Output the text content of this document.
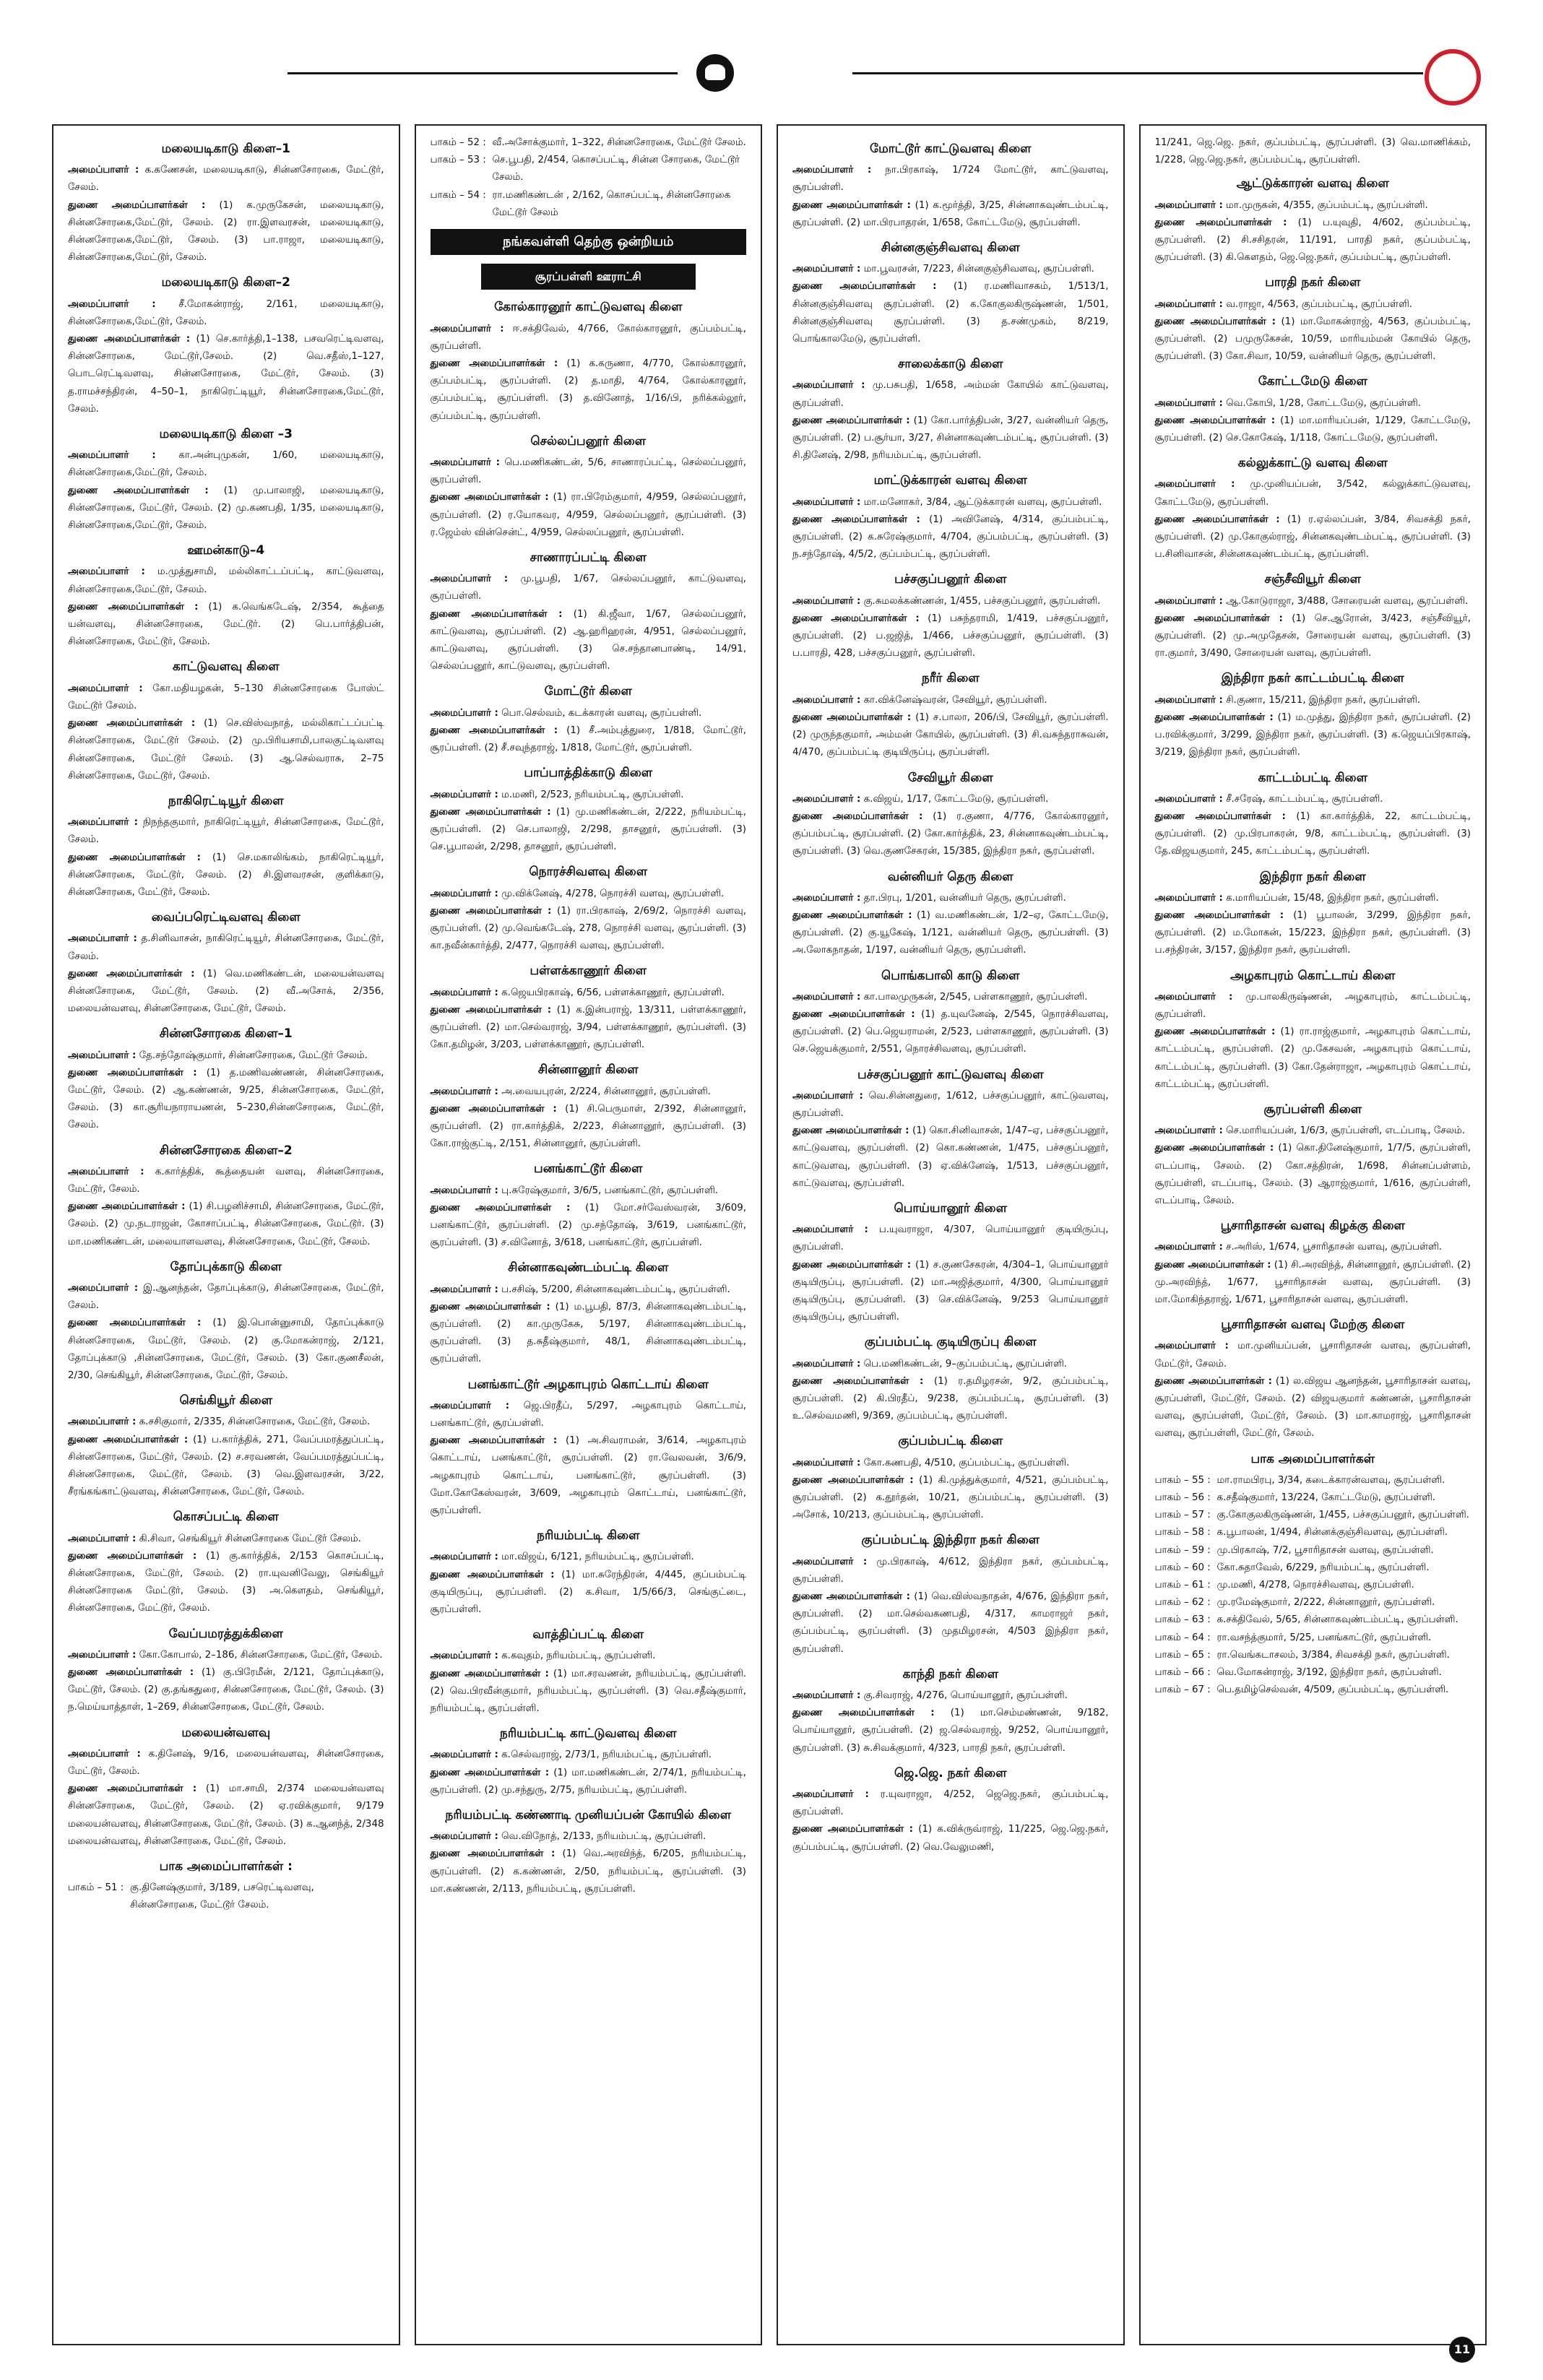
மலையடிகாடு கிளை–1
அமைப்பாளர் : க.கணேசன், மலையடிகாடு, சின்னசோரகை, மேட்டூர், சேலம்.
துணை அமைப்பாளர்கள் : (1) க.முருகேசன், மலையடிகாடு, சின்னசோரகை,மேட்டூர், சேலம். (2) ரா.இளவரசன், மலையடிகாடு, சின்னசோரகை,மேட்டூர், சேலம். (3) பா.ராஜா, மலையடிகாடு, சின்னசோரகை,மேட்டூர், சேலம்.
மலையடிகாடு கிளை–2
அமைப்பாளர் : சீ.மோகன்ராஜ், 2/161, மலையடிகாடு, சின்னசோரகை,மேட்டூர், சேலம்.
துணை அமைப்பாளர்கள் : (1) செ.கார்த்தி,1–138, பசவரெட்டிவளவு, சின்னசோரகை, மேட்டூர்,சேலம். (2) வெ.சதீஸ்,1–127, பொடரெட்டிவளவு, சின்னசோரகை, மேட்டூர், சேலம். (3) த.ராமச்சந்திரன், 4–50–1, நாகிரெட்டியூர், சின்னசோரகை,மேட்டூர், சேலம்.
மலையடிகாடு கிளை –3
அமைப்பாளர் : கா.அன்புமுகன், 1/60, மலையடிகாடு, சின்னசோரகை,மேட்டூர், சேலம்.
துணை அமைப்பாளர்கள் : (1) மு.பாலாஜி, மலையடிகாடு, சின்னசோரகை, மேட்டூர், சேலம். (2) மு.கணபதி, 1/35, மலையடிகாடு, சின்னசோரகை,மேட்டூர், சேலம்.
ஊமன்காடு–4
அமைப்பாளர் : ம.முத்துசாமி, மல்லிகாட்டப்பட்டி, காட்டுவளவு, சின்னசோரகை,மேட்டூர், சேலம்.
துணை அமைப்பாளர்கள் : (1) க.வெங்கடேஷ், 2/354, கூத்தை யன்வளவு, சின்னசோரகை, மேட்டூர். (2) பெ.பார்த்திபன், சின்னசோரகை, மேட்டூர், சேலம்.
காட்டுவளவு கிளை
அமைப்பாளர் : கோ.மதியழகன், 5–130 சின்னசோரகை போஸ்ட் மேட்டூர் சேலம்.
துணை அமைப்பாளர்கள் : (1) செ.விஸ்வநாத், மல்லிகாட்டப்பட்டி சின்னசோரகை, மேட்டூர் சேலம். (2) மு.பிரியசாமி,பாலகுட்டிவளவு சின்னசோரகை, மேட்டூர் சேலம். (3) ஆ.செல்வராசு, 2–75 சின்னசோரகை, மேட்டூர், சேலம்.
நாகிரெட்டியூர் கிளை
அமைப்பாளர் : நிநந்தகுமார், நாகிரெட்டியூர், சின்னசோரகை, மேட்டூர், சேலம்.
துணை அமைப்பாளர்கள் : (1) செ.மகாலிங்கம், நாகிரெட்டியூர், சின்னசோரகை, மேட்டூர், சேலம். (2) சி.இளவரசன், குளிக்காடு, சின்னசோரகை, மேட்டூர், சேலம்.
வைப்பரெட்டிவளவு கிளை
அமைப்பாளர் : த.சினிவாசன், நாகிரெட்டியூர், சின்னசோரகை, மேட்டூர், சேலம்.
துணை அமைப்பாளர்கள் : (1) வெ.மணிகண்டன், மலையன்வளவு சின்னசோரகை, மேட்டூர், சேலம். (2) வீ.அசோக், 2/356, மலையன்வளவு, சின்னசோரகை, மேட்டூர், சேலம்.
சின்னசோரகை கிளை–1
அமைப்பாளர் : தே.சந்தோஷ்குமார், சின்னசோரகை, மேட்டூர் சேலம்.
துணை அமைப்பாளர்கள் : (1) த.மணிவண்ணன், சின்னசோரகை, மேட்டூர், சேலம். (2) ஆ.கண்ணன், 9/25, சின்னசோரகை, மேட்டூர், சேலம். (3) கா.சூரியநாராயணன், 5–230,சின்னசோரகை, மேட்டூர், சேலம்.
சின்னசோரகை கிளை–2
அமைப்பாளர் : க.கார்த்திக், கூத்தையன் வளவு, சின்னசோரகை, மேட்டூர், சேலம்.
துணை அமைப்பாளர்கள் : (1) சி.பழனிச்சாமி, சின்னசோரகை, மேட்டூர், சேலம். (2) மு.நடராஜன், கோசாப்பட்டி, சின்னசோரகை, மேட்டூர். (3) மா.மணிகண்டன், மலையாளவளவு, சின்னசோரகை, மேட்டூர், சேலம்.
தோப்புக்காடு கிளை
அமைப்பாளர் : இ.ஆனந்தன், தோப்புக்காடு, சின்னசோரகை, மேட்டூர், சேலம்.
துணை அமைப்பாளர்கள் : (1) இ.பொன்னுசாமி, தோப்புக்காடு சின்னசோரகை, மேட்டூர், சேலம். (2) கு.மோகன்ராஜ், 2/121, தோப்புக்காடு ,சின்னசோரகை, மேட்டூர், சேலம். (3) கோ.குணசீலன், 2/30, செங்கியூர், சின்னசோரகை, மேட்டூர், சேலம்.
செங்கியூர் கிளை
அமைப்பாளர் : க.சசிகுமார், 2/335, சின்னசோரகை, மேட்டூர், சேலம்.
துணை அமைப்பாளர்கள் : (1) ப.கார்த்திக், 271, வேப்பமரத்துப்பட்டி, சின்னசோரகை, மேட்டூர், சேலம். (2) ச.சரவணன், வேப்பமரத்துப்பட்டி, சின்னசோரகை, மேட்டூர், சேலம். (3) வெ.இளவரசன், 3/22, சீரங்கங்காட்டுவளவு, சின்னசோரகை, மேட்டூர், சேலம்.
கொசப்பட்டி கிளை
அமைப்பாளர் : கி.சிவா, செங்கியூர் சின்னசோரகை மேட்டூர் சேலம்.
துணை அமைப்பாளர்கள் : (1) கு.கார்த்திக், 2/153 கொசப்பட்டி, சின்னசோரகை, மேட்டூர், சேலம். (2) ரா.யுவனிவேலு, செங்கியூர் சின்னசோரகை மேட்டூர், சேலம். (3) அ.கௌதம், செங்கியூர், சின்னசோரகை, மேட்டூர், சேலம்.
வேப்பமரத்துக்கிளை
அமைப்பாளர் : கோ.கோபால், 2–186, சின்னசோரகை, மேட்டூர், சேலம்.
துணை அமைப்பாளர்கள் : (1) கு.பிரேமீன், 2/121, தோப்புக்காடு, மேட்டூர், சேலம். (2) கு.தங்கதுரை, சின்னசோரகை, மேட்டூர், சேலம். (3) ந.மெய்யாத்தாள், 1–269, சின்னசோரகை, மேட்டூர், சேலம்.
மலையன்வளவு
அமைப்பாளர் : க.தினேஷ், 9/16, மலையன்வளவு, சின்னசோரகை, மேட்டூர், சேலம்.
துணை அமைப்பாளர்கள் : (1) மா.சாமி, 2/374 மலையன்வளவு சின்னசோரகை, மேட்டூர், சேலம். (2) ஏ.ரவிக்குமார், 9/179 மலையன்வளவு, சின்னசோரகை, மேட்டூர், சேலம். (3) க.ஆனந்த், 2/348 மலையன்வளவு, சின்னசோரகை, மேட்டூர், சேலம்.
பாக அமைப்பாளர்கள் :
பாகம் – 51 : கு.தினேஷ்குமார், 3/189, பசரெட்டிவளவு, சின்னசோரகை, மேட்டூர் சேலம்.
பாகம் – 52 : வீ.அசோக்குமார், 1–322, சின்னசோரகை, மேட்டூர் சேலம்.
பாகம் – 53 : செ.பூபதி, 2/454, கொசப்பட்டி, சின்ன சோரகை, மேட்டூர் சேலம்.
பாகம் – 54 : ரா.மணிகண்டன் , 2/162, கொசப்பட்டி, சின்னசோரகை மேட்டூர் சேலம்
நங்கவள்ளி தெற்கு ஒன்றியம்
சூரப்பள்ளி ஊராட்சி
கோல்காரனூர் காட்டுவளவு கிளை
அமைப்பாளர் : ஈ.சக்திவேல், 4/766, கோல்காரனூர், குப்பம்பட்டி, சூரப்பள்ளி.
துணை அமைப்பாளர்கள் : (1) க.கருணா, 4/770, கோல்காரனூர், குப்பம்பட்டி, சூரப்பள்ளி. (2) த.மாதி, 4/764, கோல்காரனூர், குப்பம்பட்டி, சூரப்பள்ளி. (3) த.வினோத், 1/16/பி, நரிக்கல்லூர், குப்பம்பட்டி, சூரப்பள்ளி.
செல்லப்பனூர் கிளை
அமைப்பாளர் : பெ.மணிகண்டன், 5/6, சாணாரப்பட்டி, செல்லப்பனூர், சூரப்பள்ளி.
துணை அமைப்பாளர்கள் : (1) ரா.பிரேம்குமார், 4/959, செல்லப்பனூர், சூரப்பள்ளி. (2) ர.யோகவர, 4/959, செல்லப்பனூர், சூரப்பள்ளி. (3) ர.ஜேம்ஸ் வின்சென்ட், 4/959, செல்லப்பனூர், சூரப்பள்ளி.
சாணாரப்பட்டி கிளை
அமைப்பாளர் : மு.பூபதி, 1/67, செல்லப்பனூர், காட்டுவளவு, சூரப்பள்ளி.
துணை அமைப்பாளர்கள் : (1) கி.ஜீவா, 1/67, செல்லப்பனூர், காட்டுவளவு, சூரப்பள்ளி. (2) ஆ.ஹரிஹரன், 4/951, செல்லப்பனூர், காட்டுவளவு, சூரப்பள்ளி. (3) செ.சந்தானபாண்டி, 14/91, செல்லப்பனூர், காட்டுவளவு, சூரப்பள்ளி.
மோட்டூர் கிளை
அமைப்பாளர் : பொ.செல்வம், கடக்காரன் வளவு, சூரப்பள்ளி.
துணை அமைப்பாளர்கள் : (1) சீ.அம்புத்துரை, 1/818, மோட்டூர், சூரப்பள்ளி. (2) சீ.சவுந்தராஜ், 1/818, மோட்டூர், சூரப்பள்ளி.
பாப்பாத்திக்காடு கிளை
அமைப்பாளர் : ம.மணி, 2/523, நரியம்பட்டி, சூரப்பள்ளி.
துணை அமைப்பாளர்கள் : (1) மு.மணிகண்டன், 2/222, நரியம்பட்டி, சூரப்பள்ளி. (2) செ.பாலாஜி, 2/298, தாசனூர், சூரப்பள்ளி. (3) செ.பூபாலன், 2/298, தாசனூர், சூரப்பள்ளி.
நொரச்சிவளவு கிளை
அமைப்பாளர் : மு.விக்னேஷ், 4/278, நொரச்சி வளவு, சூரப்பள்ளி.
துணை அமைப்பாளர்கள் : (1) ரா.பிரகாஷ், 2/69/2, நொரச்சி வளவு, சூரப்பள்ளி. (2) மு.வெங்கடேஷ், 278, நொரச்சி வளவு, சூரப்பள்ளி. (3) கா.நவீன்கார்த்தி, 2/477, நொரச்சி வளவு, சூரப்பள்ளி.
பள்ளக்காணூர் கிளை
அமைப்பாளர் : க.ஜெயபிரகாஷ், 6/56, பள்ளக்காணூர், சூரப்பள்ளி.
துணை அமைப்பாளர்கள் : (1) க.இன்பராஜ், 13/311, பள்ளக்காணூர், சூரப்பள்ளி. (2) மா.செல்வராஜ், 3/94, பள்ளக்காணூர், சூரப்பள்ளி. (3) கோ.தமிழன், 3/203, பள்ளக்காணூர், சூரப்பள்ளி.
சின்னானூர் கிளை
அமைப்பாளர் : அ.வையபுரன், 2/224, சின்னானூர், சூரப்பள்ளி.
துணை அமைப்பாளர்கள் : (1) சி.பெருமாள், 2/392, சின்னானூர், சூரப்பள்ளி. (2) ரா.கார்த்திக், 2/223, சின்னானூர், சூரப்பள்ளி. (3) கோ.ராஜ்குட்டி, 2/151, சின்னானூர், சூரப்பள்ளி.
பனங்காட்டூர் கிளை
அமைப்பாளர் : பு.சுரேஷ்குமார், 3/6/5, பனங்காட்டூர், சூரப்பள்ளி.
துணை அமைப்பாளர்கள் : (1) மோ.சர்வேஸ்வரன், 3/609, பனங்காட்டூர், சூரப்பள்ளி. (2) மு.சந்தோஷ், 3/619, பனங்காட்டூர், சூரப்பள்ளி. (3) ச.வினோத், 3/618, பனங்காட்டூர், சூரப்பள்ளி.
சின்னாகவுண்டம்பட்டி கிளை
அமைப்பாளர் : ப.சசிஷ், 5/200, சின்னாகவுண்டம்பட்டி, சூரப்பள்ளி.
துணை அமைப்பாளர்கள் : (1) ம.பூபதி, 87/3, சின்னாகவுண்டம்பட்டி, சூரப்பள்ளி. (2) கா.முருகேசு, 5/197, சின்னாகவுண்டம்பட்டி, சூரப்பள்ளி. (3) த.சுதீஷ்குமார், 48/1, சின்னாகவுண்டம்பட்டி, சூரப்பள்ளி.
பனங்காட்டூர் அழகாபுரம் கொட்டாய் கிளை
அமைப்பாளர் : ஜெ.பிரதீப், 5/297, அழகாபுரம் கொட்டாய், பனங்காட்டூர், சூரப்பள்ளி.
துணை அமைப்பாளர்கள் : (1) அ.சிவராமன், 3/614, அழகாபுரம் கொட்டாய், பனங்காட்டூர், சூரப்பள்ளி. (2) ரா.வேலவன், 3/6/9, அழகாபுரம் கொட்டாய், பனங்காட்டூர், சூரப்பள்ளி. (3) மோ.கோகேஸ்வரன், 3/609, அழகாபுரம் கொட்டாய், பனங்காட்டூர், சூரப்பள்ளி.
நரியம்பட்டி கிளை
அமைப்பாளர் : மா.விஜய், 6/121, நரியம்பட்டி, சூரப்பள்ளி.
துணை அமைப்பாளர்கள் : (1) மா.சுரேந்திரன், 4/445, குப்பம்பட்டி குடியிருப்பு, சூரப்பள்ளி. (2) க.சிவா, 1/5/66/3, செங்குட்டை, சூரப்பள்ளி.
வாத்திப்பட்டி கிளை
அமைப்பாளர் : க.கவுதம், நரியம்பட்டி, சூரப்பள்ளி.
துணை அமைப்பாளர்கள் : (1) மா.சரவணன், நரியம்பட்டி, சூரப்பள்ளி. (2) வெ.பிரவீன்குமார், நரியம்பட்டி, சூரப்பள்ளி. (3) வெ.சதீஷ்குமார், நரியம்பட்டி, சூரப்பள்ளி.
நரியம்பட்டி காட்டுவளவு கிளை
அமைப்பாளர் : க.செல்வராஜ், 2/73/1, நரியம்பட்டி, சூரப்பள்ளி.
துணை அமைப்பாளர்கள் : (1) மா.மணிகண்டன், 2/74/1, நரியம்பட்டி, சூரப்பள்ளி. (2) மு.சந்துரு, 2/75, நரியம்பட்டி, சூரப்பள்ளி.
நரியம்பட்டி கண்ணாடி முனியப்பன் கோயில் கிளை
அமைப்பாளர் : வெ.விநோத், 2/133, நரியம்பட்டி, சூரப்பள்ளி.
துணை அமைப்பாளர்கள் : (1) வெ.அரவிந்த், 6/205, நரியம்பட்டி, சூரப்பள்ளி. (2) க.கண்ணன், 2/50, நரியம்பட்டி, சூரப்பள்ளி. (3) மா.கண்ணன், 2/113, நரியம்பட்டி, சூரப்பள்ளி.
மோட்டூர் காட்டுவளவு கிளை
அமைப்பாளர் : நா.பிரகாஷ், 1/724 மோட்டூர், காட்டுவளவு, சூரப்பள்ளி.
துணை அமைப்பாளர்கள் : (1) க.மூர்த்தி, 3/25, சின்னாகவுண்டம்பட்டி, சூரப்பள்ளி. (2) மா.பிரபாதரன், 1/658, கோட்டமேடு, சூரப்பள்ளி.
சின்னகுஞ்சிவளவு கிளை
அமைப்பாளர் : மா.பூவரசன், 7/223, சின்னகுஞ்சிவளவு, சூரப்பள்ளி.
துணை அமைப்பாளர்கள் : (1) ர.மணிவாசகம், 1/513/1, சின்னகுஞ்சிவளவு சூரப்பள்ளி. (2) க.கோகுலகிருஷ்ணன், 1/501, சின்னகுஞ்சிவளவு சூரப்பள்ளி. (3) த.சண்முகம், 8/219, பொங்காலமேடு, சூரப்பள்ளி.
சாலைக்காடு கிளை
அமைப்பாளர் : மு.பசுபதி, 1/658, அம்மன் கோயில் காட்டுவளவு, சூரப்பள்ளி.
துணை அமைப்பாளர்கள் : (1) கோ.பார்த்திபன், 3/27, வன்னியர் தெரு, சூரப்பள்ளி. (2) ப.சூர்யா, 3/27, சின்னாகவுண்டம்பட்டி, சூரப்பள்ளி. (3) சி.தினேஷ், 2/98, நரியம்பட்டி, சூரப்பள்ளி.
மாட்டுக்காரன் வளவு கிளை
அமைப்பாளர் : மா.மனோகர், 3/84, ஆட்டுக்காரன் வளவு, சூரப்பள்ளி.
துணை அமைப்பாளர்கள் : (1) அவினேஷ், 4/314, குப்பம்பட்டி, சூரப்பள்ளி. (2) க.சுரேஷ்குமார், 4/704, குப்பம்பட்டி, சூரப்பள்ளி. (3) ந.சந்தோஷ், 4/5/2, குப்பம்பட்டி, சூரப்பள்ளி.
பச்சகுப்பனூர் கிளை
அமைப்பாளர் : கு.சுமலக்கண்ணன், 1/455, பச்சகுப்பனூர், சூரப்பள்ளி.
துணை அமைப்பாளர்கள் : (1) பசுந்தராமி, 1/419, பச்சகுப்பனூர், சூரப்பள்ளி. (2) ப.ஜஜித், 1/466, பச்சகுப்பனூர், சூரப்பள்ளி. (3) ப.பாரதி, 428, பச்சகுப்பனூர், சூரப்பள்ளி.
நரீர் கிளை
அமைப்பாளர் : கா.விக்னேஷ்வரன், சேவியூர், சூரப்பள்ளி.
துணை அமைப்பாளர்கள் : (1) ச.பாலா, 206/பி, சேவியூர், சூரப்பள்ளி. (2) முருந்தகுமார், அம்மன் கோயில், சூரப்பள்ளி. (3) சி.வசுந்தராசுவன், 4/470, குப்பம்பட்டி குடியிருப்பு, சூரப்பள்ளி.
சேவியூர் கிளை
அமைப்பாளர் : க.விஜய், 1/17, கோட்டமேடு, சூரப்பள்ளி.
துணை அமைப்பாளர்கள் : (1) ர.குணா, 4/776, கோல்காரனூர், குப்பம்பட்டி, சூரப்பள்ளி. (2) கோ.கார்த்திக், 23, சின்னாகவுண்டம்பட்டி, சூரப்பள்ளி. (3) வெ.குணசேகரன், 15/385, இந்திரா நகர், சூரப்பள்ளி.
வன்னியர் தெரு கிளை
அமைப்பாளர் : தா.பிரபு, 1/201, வன்னியர் தெரு, சூரப்பள்ளி.
துணை அமைப்பாளர்கள் : (1) வ.மணிகண்டன், 1/2–ஏ, கோட்டமேடு, சூரப்பள்ளி. (2) கு.யூகேஷ், 1/121, வன்னியர் தெரு, சூரப்பள்ளி. (3) அ.லோகநாதன், 1/197, வன்னியர் தெரு, சூரப்பள்ளி.
பொங்கபாலி காடு கிளை
அமைப்பாளர் : கா.பாலமுருகன், 2/545, பள்ளகாணூர், சூரப்பள்ளி.
துணை அமைப்பாளர்கள் : (1) த.யுவனேஷ், 2/545, நொரச்சிவளவு, சூரப்பள்ளி. (2) பெ.ஜெயராமன், 2/523, பள்ளகாணூர், சூரப்பள்ளி. (3) செ.ஜெயக்குமார், 2/551, நொரச்சிவளவு, சூரப்பள்ளி.
பச்சகுப்பனூர் காட்டுவளவு கிளை
அமைப்பாளர் : வெ.சின்னதுரை, 1/612, பச்சகுப்பனூர், காட்டுவளவு, சூரப்பள்ளி.
துணை அமைப்பாளர்கள் : (1) கொ.சினிவாசன், 1/47–ஏ, பச்சகுப்பனூர், காட்டுவளவு, சூரப்பள்ளி. (2) கொ.கண்ணன், 1/475, பச்சகுப்பனூர், காட்டுவளவு, சூரப்பள்ளி. (3) ஏ.விக்னேஷ், 1/513, பச்சகுப்பனூர், காட்டுவளவு, சூரப்பள்ளி.
பொய்யானூர் கிளை
அமைப்பாளர் : ப.யுவராஜா, 4/307, பொய்யானூர் குடியிருப்பு, சூரப்பள்ளி.
துணை அமைப்பாளர்கள் : (1) ச.குணசேகரன், 4/304–1, பொய்யானூர் குடியிருப்பு, சூரப்பள்ளி. (2) மா.அஜித்குமார், 4/300, பொய்யானூர் குடியிருப்பு, சூரப்பள்ளி. (3) செ.விக்னேஷ், 9/253 பொய்யானூர் குடியிருப்பு, சூரப்பள்ளி.
குப்பம்பட்டி குடியிருப்பு கிளை
அமைப்பாளர் : பெ.மணிகண்டன், 9–குப்பம்பட்டி, சூரப்பள்ளி.
துணை அமைப்பாளர்கள் : (1) ர.தமிழரசன், 9/2, குப்பம்பட்டி, சூரப்பள்ளி. (2) கி.பிரதீப், 9/238, குப்பம்பட்டி, சூரப்பள்ளி. (3) உ.செல்வமணி, 9/369, குப்பம்பட்டி, சூரப்பள்ளி.
குப்பம்பட்டி கிளை
அமைப்பாளர் : கோ.கணபதி, 4/510, குப்பம்பட்டி, சூரப்பள்ளி.
துணை அமைப்பாளர்கள் : (1) கி.முத்துக்குமார், 4/521, குப்பம்பட்டி, சூரப்பள்ளி. (2) க.தூர்தன், 10/21, குப்பம்பட்டி, சூரப்பள்ளி. (3) அசோக், 10/213, குப்பம்பட்டி, சூரப்பள்ளி.
குப்பம்பட்டி இந்திரா நகர் கிளை
அமைப்பாளர் : மு.பிரகாஷ், 4/612, இந்திரா நகர், குப்பம்பட்டி, சூரப்பள்ளி.
துணை அமைப்பாளர்கள் : (1) வெ.விஸ்வநாதன், 4/676, இந்திரா நகர், சூரப்பள்ளி. (2) மா.செல்வகணபதி, 4/317, காமராஜர் நகர், குப்பம்பட்டி, சூரப்பள்ளி. (3) முதமிழரசன், 4/503 இந்திரா நகர், சூரப்பள்ளி.
காந்தி நகர் கிளை
அமைப்பாளர் : கு.சிவராஜ், 4/276, பொய்யானூர், சூரப்பள்ளி.
துணை அமைப்பாளர்கள் : (1) மா.செம்மண்ணன், 9/182, பொய்யானூர், சூரப்பள்ளி. (2) ஜ.செல்வராஜ், 9/252, பொய்யானூர், சூரப்பள்ளி. (3) சு.சிவக்குமார், 4/323, பாரதி நகர், சூரப்பள்ளி.
ஜெ.ஜெ. நகர் கிளை
அமைப்பாளர் : ர.யுவராஜா, 4/252, ஜெஜெ.நகர், குப்பம்பட்டி, சூரப்பள்ளி.
துணை அமைப்பாளர்கள் : (1) க.விக்ருவ்ராஜ், 11/225, ஜெ.ஜெ.நகர், குப்பம்பட்டி, சூரப்பள்ளி. (2) வெ.வேலுமணி,
11/241, ஜெ.ஜெ. நகர், குப்பம்பட்டி, சூரப்பள்ளி. (3) வெ.மாணிக்கம், 1/228, ஜெ.ஜெ.நகர், குப்பம்பட்டி, சூரப்பள்ளி.
ஆட்டுக்காரன் வளவு கிளை
அமைப்பாளர் : மா.முருகன், 4/355, குப்பம்பட்டி, சூரப்பள்ளி.
துணை அமைப்பாளர்கள் : (1) ப.யுவுதி, 4/602, குப்பம்பட்டி, சூரப்பள்ளி. (2) சி.சசிதரன், 11/191, பாரதி நகர், குப்பம்பட்டி, சூரப்பள்ளி. (3) கி.கௌதம், ஜெ.ஜெ.நகர், குப்பம்பட்டி, சூரப்பள்ளி.
பாரதி நகர் கிளை
அமைப்பாளர் : வ.ராஜா, 4/563, குப்பம்பட்டி, சூரப்பள்ளி.
துணை அமைப்பாளர்கள் : (1) மா.மோகன்ராஜ், 4/563, குப்பம்பட்டி, சூரப்பள்ளி. (2) பமுருகேசன், 10/59, மாரியம்மன் கோயில் தெரு, சூரப்பள்ளி. (3) கோ.சிவா, 10/59, வன்னியர் தெரு, சூரப்பள்ளி.
கோட்டமேடு கிளை
அமைப்பாளர் : வெ.கோபி, 1/28, கோட்டமேடு, சூரப்பள்ளி.
துணை அமைப்பாளர்கள் : (1) மா.மாரியப்பன், 1/129, கோட்டமேடு, சூரப்பள்ளி. (2) செ.கோகேஷ், 1/118, கோட்டமேடு, சூரப்பள்ளி.
கல்லுக்காட்டு வளவு கிளை
அமைப்பாளர் : மு.முனியப்பன், 3/542, கல்லுக்காட்டுவளவு, கோட்டமேடு, சூரப்பள்ளி.
துணை அமைப்பாளர்கள் : (1) ர.ஏல்லப்பன், 3/84, சிவசக்தி நகர், சூரப்பள்ளி. (2) மு.கோகுல்ராஜ், சின்னகவுண்டம்பட்டி, சூரப்பள்ளி. (3) ப.சினிவாசன், சின்னகவுண்டம்பட்டி, சூரப்பள்ளி.
சஞ்சீவியூர் கிளை
அமைப்பாளர் : ஆ.கோடுராஜா, 3/488, சோரையன் வளவு, சூரப்பள்ளி.
துணை அமைப்பாளர்கள் : (1) செ.ஆரோன், 3/423, சஞ்சீவியூர், சூரப்பள்ளி. (2) மு.அமுதேசன், சோரையன் வளவு, சூரப்பள்ளி. (3) ரா.குமார், 3/490, சோரையன் வளவு, சூரப்பள்ளி.
இந்திரா நகர் காட்டம்பட்டி கிளை
அமைப்பாளர் : சி.குணா, 15/211, இந்திரா நகர், சூரப்பள்ளி.
துணை அமைப்பாளர்கள் : (1) ம.முத்து, இந்திரா நகர், சூரப்பள்ளி. (2) ப.ரவிக்குமார், 3/299, இந்திரா நகர், சூரப்பள்ளி. (3) க.ஜெயப்பிரகாஷ், 3/219, இந்திரா நகர், சூரப்பள்ளி.
காட்டம்பட்டி கிளை
அமைப்பாளர் : சீ.சரேஷ், காட்டம்பட்டி, சூரப்பள்ளி.
துணை அமைப்பாளர்கள் : (1) கா.கார்த்திக், 22, காட்டம்பட்டி, சூரப்பள்ளி. (2) மு.பிரபாகரன், 9/8, காட்டம்பட்டி, சூரப்பள்ளி. (3) தே.விஜயகுமார், 245, காட்டம்பட்டி, சூரப்பள்ளி.
இந்திரா நகர் கிளை
அமைப்பாளர் : க.மாரியப்பன், 15/48, இந்திரா நகர், சூரப்பள்ளி.
துணை அமைப்பாளர்கள் : (1) பூபாலன், 3/299, இந்திரா நகர், சூரப்பள்ளி. (2) ம.மோகன், 15/223, இந்திரா நகர், சூரப்பள்ளி. (3) ப.சந்திரன், 3/157, இந்திரா நகர், சூரப்பள்ளி.
அழகாபுரம் கொட்டாய் கிளை
அமைப்பாளர் : மு.பாலகிருஷ்ணன், அழகாபுரம், காட்டம்பட்டி, சூரப்பள்ளி.
துணை அமைப்பாளர்கள் : (1) ரா.ராஜ்குமார், அழகாபுரம் கொட்டாய், காட்டம்பட்டி, சூரப்பள்ளி. (2) மு.கேசவன், அழகாபுரம் கொட்டாய், காட்டம்பட்டி, சூரப்பள்ளி. (3) கோ.தேன்ராஜா, அழகாபுரம் கொட்டாய், காட்டம்பட்டி, சூரப்பள்ளி.
சூரப்பள்ளி கிளை
அமைப்பாளர் : செ.மாரியப்பன், 1/6/3, சூரப்பள்ளி, எடப்பாடி, சேலம்.
துணை அமைப்பாளர்கள் : (1) கொ.தினேஷ்குமார், 1/7/5, சூரப்பள்ளி, எடப்பாடி, சேலம். (2) கோ.சத்திரன், 1/698, சின்னப்பள்ளம், சூரப்பள்ளி, எடப்பாடி, சேலம். (3) ஆராஜ்குமார், 1/616, சூரப்பள்ளி, எடப்பாடி, சேலம்.
பூசாரிதாசன் வளவு கிழக்கு கிளை
அமைப்பாளர் : ச.அரிஸ், 1/674, பூசாரிதாசன் வளவு, சூரப்பள்ளி.
துணை அமைப்பாளர்கள் : (1) சி.அரவிந்த், சின்னானூர், சூரப்பள்ளி. (2) மு.அரவிந்த், 1/677, பூசாரிதாசன் வளவு, சூரப்பள்ளி. (3) மா.மோகிந்தராஜ், 1/671, பூசாரிதாசன் வளவு, சூரப்பள்ளி.
பூசாரிதாசன் வளவு மேற்கு கிளை
அமைப்பாளர் : மா.முனியப்பன், பூசாரிதாசன் வளவு, சூரப்பள்ளி, மேட்டூர், சேலம்.
துணை அமைப்பாளர்கள் : (1) ல.விஜய ஆனந்தன், பூசாரிதாசன் வளவு, சூரப்பள்ளி, மேட்டூர், சேலம். (2) விஜயகுமார் கண்ணன், பூசாரிதாசன் வளவு, சூரப்பள்ளி, மேட்டூர், சேலம். (3) மா.காமராஜ், பூசாரிதாசன் வளவு, சூரப்பள்ளி, மேட்டூர், சேலம்.
பாக அமைப்பாளர்கள்
பாகம் – 55 : மா.ராமபிரபு, 3/34, கடைக்காரன்வளவு, சூரப்பள்ளி.
பாகம் – 56 : க.சதீஷ்குமார், 13/224, கோட்டமேடு, சூரப்பள்ளி.
பாகம் – 57 : கு.கோகுலகிருஷ்ணன், 1/455, பச்சகுப்பனூர், சூரப்பள்ளி.
பாகம் – 58 : க.பூபாலன், 1/494, சின்னக்குஞ்சிவளவு, சூரப்பள்ளி.
பாகம் – 59 : மு.பிரகாஷ், 7/2, பூசாரிதாசன் வளவு, சூரப்பள்ளி.
பாகம் – 60 : கோ.சுதாவேல், 6/229, நரியம்பட்டி, சூரப்பள்ளி.
பாகம் – 61 : மு.மணி, 4/278, நொரச்சிவளவு, சூரப்பள்ளி.
பாகம் – 62 : மு.ரமேஷ்குமார், 2/222, சின்னானூர், சூரப்பள்ளி.
பாகம் – 63 : க.சக்திவேல், 5/65, சின்னாகவுண்டம்பட்டி, சூரப்பள்ளி.
பாகம் – 64 : ரா.வசந்த்குமார், 5/25, பனங்காட்டூர், சூரப்பள்ளி.
பாகம் – 65 : ரா.வெங்கடாசலம், 3/384, சிவசக்தி நகர், சூரப்பள்ளி.
பாகம் – 66 : வெ.மோகன்ராஜ், 3/192, இந்திரா நகர், சூரப்பள்ளி.
பாகம் – 67 : பெ.தமிழ்செல்வன், 4/509, குப்பம்பட்டி, சூரப்பள்ளி.
11
